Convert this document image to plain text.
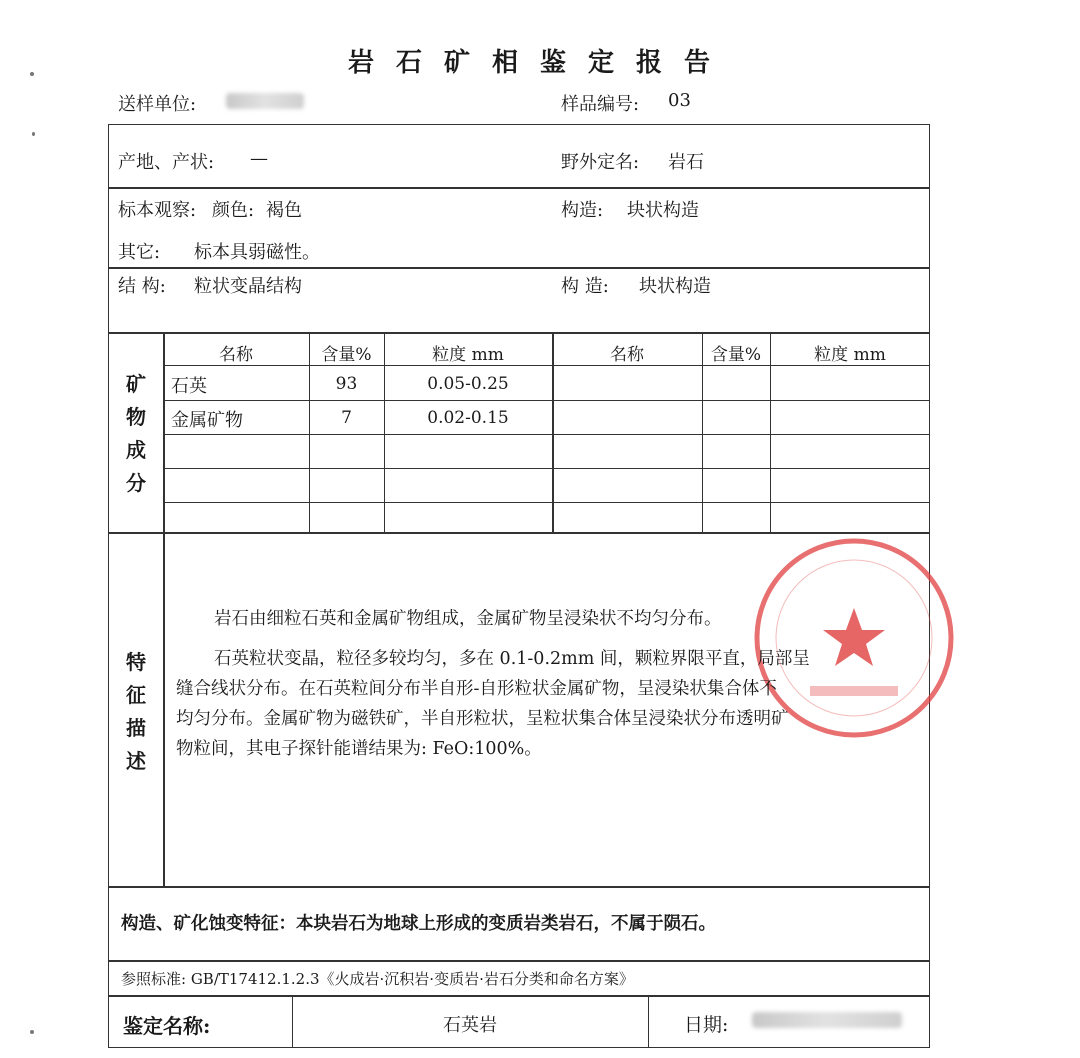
岩石矿相鉴定报告
送样单位:	样品编号: 03
产地、产状: —	野外定名: 岩石
标本观察: 颜色: 褐色	构造: 块状构造
其它: 标本具弱磁性。
结 构: 粒状变晶结构	构 造: 块状构造
矿
物
成
分
名称	含量%	粒度 mm	名称	含量%	粒度 mm
石英	93	0.05-0.25
金属矿物	7	0.02-0.15
特
征
描
述
岩石由细粒石英和金属矿物组成，金属矿物呈浸染状不均匀分布。
石英粒状变晶，粒径多较均匀，多在 0.1-0.2mm 间，颗粒界限平直，局部呈
缝合线状分布。在石英粒间分布半自形-自形粒状金属矿物，呈浸染状集合体不
均匀分布。金属矿物为磁铁矿，半自形粒状，呈粒状集合体呈浸染状分布透明矿
物粒间，其电子探针能谱结果为: FeO:100%。
构造、矿化蚀变特征：本块岩石为地球上形成的变质岩类岩石，不属于陨石。
参照标准: GB/T17412.1.2.3《火成岩·沉积岩·变质岩·岩石分类和命名方案》
鉴定名称:	石英岩	日期:
